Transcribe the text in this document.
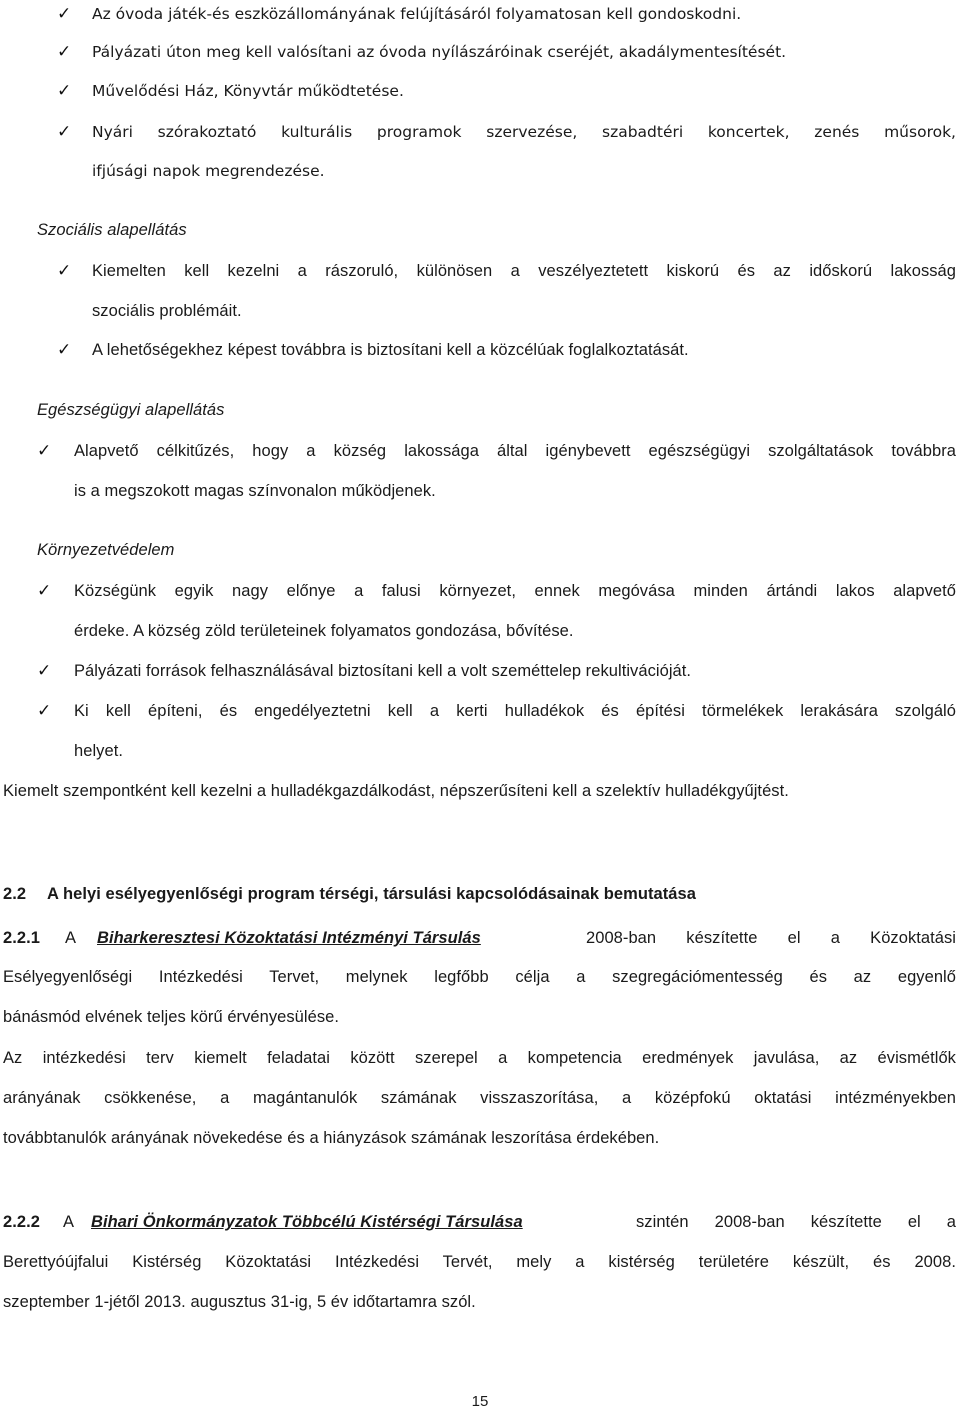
✓	Az óvoda játék-és eszközállományának felújításáról folyamatosan kell gondoskodni.
✓	Pályázati úton meg kell valósítani az óvoda nyílászáróinak cseréjét, akadálymentesítését.
✓	Művelődési Ház, Könyvtár működtetése.
✓	Nyári szórakoztató kulturális programok szervezése, szabadtéri koncertek, zenés műsorok,
ifjúsági napok megrendezése.
Szociális alapellátás
✓	Kiemelten kell kezelni a rászoruló, különösen a veszélyeztetett kiskorú és az időskorú lakosság
szociális problémáit.
✓	A lehetőségekhez képest továbbra is biztosítani kell a közcélúak foglalkoztatását.
Egészségügyi alapellátás
✓	Alapvető célkitűzés, hogy a község lakossága által igénybevett egészségügyi szolgáltatások továbbra
is a megszokott magas színvonalon működjenek.
Környezetvédelem
✓	Községünk egyik nagy előnye a falusi környezet, ennek megóvása minden ártándi lakos alapvető
érdeke. A község zöld területeinek folyamatos gondozása, bővítése.
✓	Pályázati források felhasználásával biztosítani kell a volt szeméttelep rekultivációját.
✓	Ki kell építeni, és engedélyeztetni kell a kerti hulladékok és építési törmelékek lerakására szolgáló
helyet.
Kiemelt szempontként kell kezelni a hulladékgazdálkodást, népszerűsíteni kell a szelektív hulladékgyűjtést.
2.2 A helyi esélyegyenlőségi program térségi, társulási kapcsolódásainak bemutatása
2.2.1 A Biharkeresztesi Közoktatási Intézményi Társulás	2008-ban készítette el a Közoktatási
Esélyegyenlőségi Intézkedési Tervet, melynek legfőbb célja a szegregációmentesség és az egyenlő
bánásmód elvének teljes körű érvényesülése.
Az intézkedési terv kiemelt feladatai között szerepel a kompetencia eredmények javulása, az évismétlők
arányának csökkenése, a magántanulók számának visszaszorítása, a középfokú oktatási intézményekben
továbbtanulók arányának növekedése és a hiányzások számának leszorítása érdekében.
2.2.2 A Bihari Önkormányzatok Többcélú Kistérségi Társulása	szintén 2008-ban készítette el a
Berettyóújfalui Kistérség Közoktatási Intézkedési Tervét, mely a kistérség területére készült, és 2008.
szeptember 1-jétől 2013. augusztus 31-ig, 5 év időtartamra szól.
15
